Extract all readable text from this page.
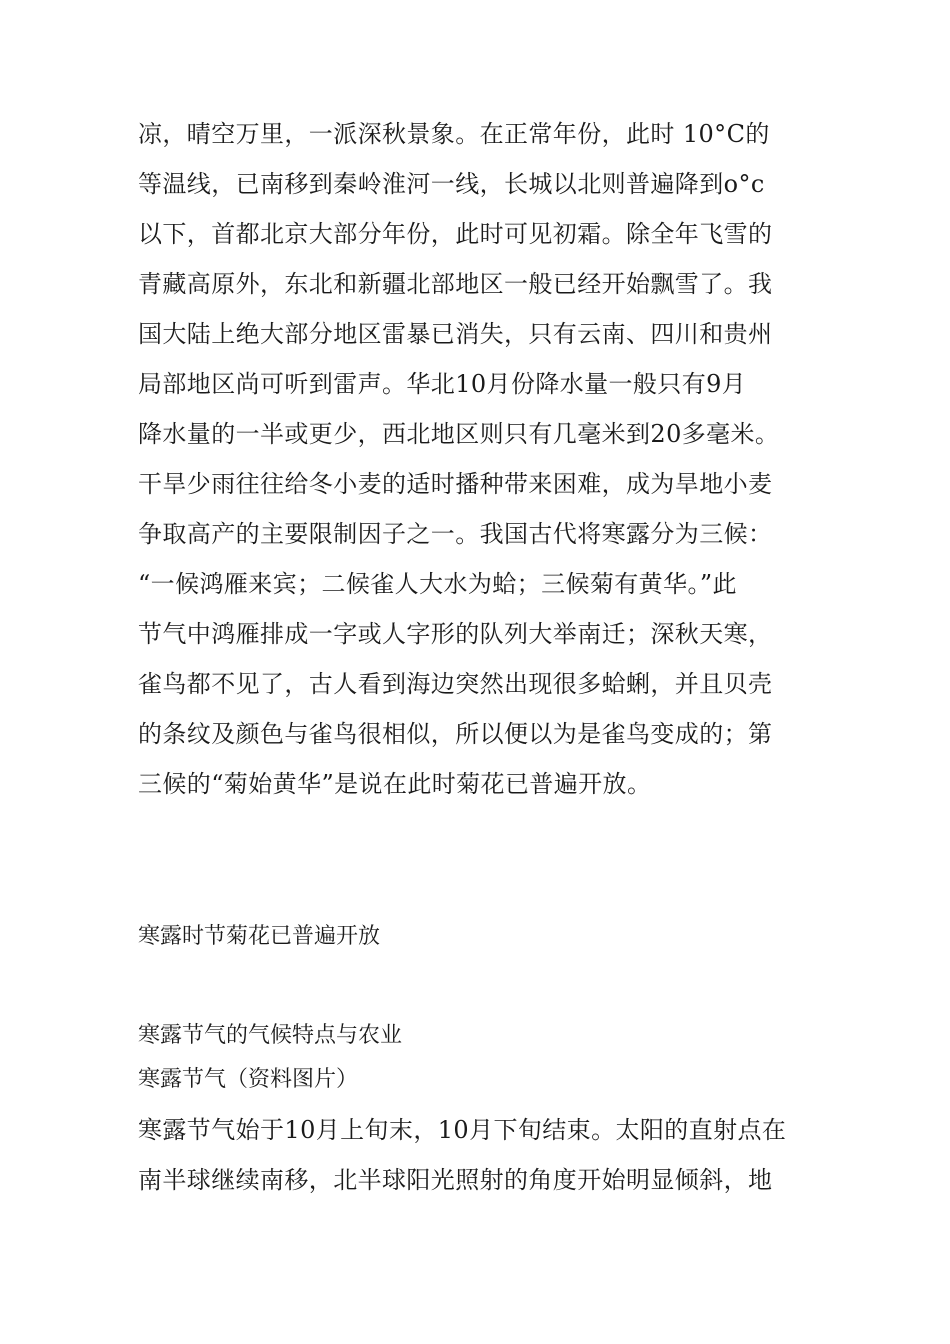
凉，晴空万里，一派深秋景象。在正常年份，此时 10°C的
等温线，已南移到秦岭淮河一线，长城以北则普遍降到o°c
以下，首都北京大部分年份，此时可见初霜。除全年飞雪的
青藏高原外，东北和新疆北部地区一般已经开始飘雪了。我
国大陆上绝大部分地区雷暴已消失，只有云南、四川和贵州
局部地区尚可听到雷声。华北10月份降水量一般只有9月
降水量的一半或更少，西北地区则只有几毫米到20多毫米。
干旱少雨往往给冬小麦的适时播种带来困难，成为旱地小麦
争取高产的主要限制因子之一。我国古代将寒露分为三候：
“一候鸿雁来宾；二候雀人大水为蛤；三候菊有黄华。”此
节气中鸿雁排成一字或人字形的队列大举南迁；深秋天寒，
雀鸟都不见了，古人看到海边突然出现很多蛤蜊，并且贝壳
的条纹及颜色与雀鸟很相似，所以便以为是雀鸟变成的；第
三候的“菊始黄华”是说在此时菊花已普遍开放。
寒露时节菊花已普遍开放
寒露节气的气候特点与农业
寒露节气（资料图片）
寒露节气始于10月上旬末，10月下旬结束。太阳的直射点在
南半球继续南移，北半球阳光照射的角度开始明显倾斜，地
